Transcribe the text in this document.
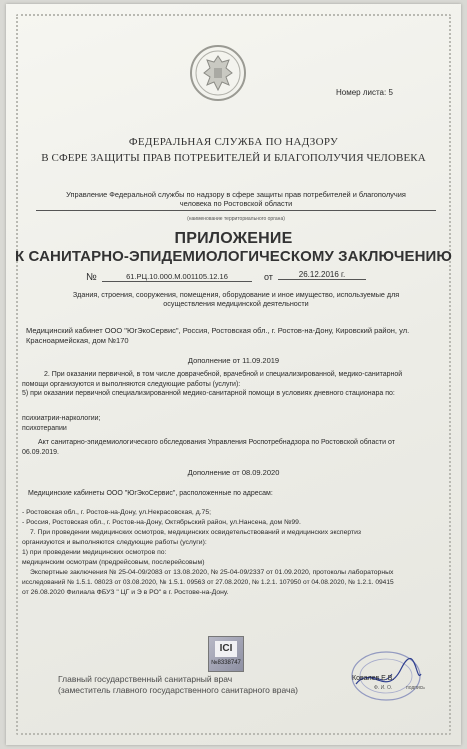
Номер листа: 5
ФЕДЕРАЛЬНАЯ СЛУЖБА ПО НАДЗОРУ
В СФЕРЕ ЗАЩИТЫ ПРАВ ПОТРЕБИТЕЛЕЙ И БЛАГОПОЛУЧИЯ ЧЕЛОВЕКА
Управление Федеральной службы по надзору в сфере защиты прав потребителей и благополучия
человека по Ростовской области
(наименование территориального органа)
ПРИЛОЖЕНИЕ
К САНИТАРНО-ЭПИДЕМИОЛОГИЧЕСКОМУ ЗАКЛЮЧЕНИЮ
№	61.РЦ.10.000.М.001105.12.16	от	26.12.2016 г.
Здания, строения, сооружения, помещения, оборудование и иное имущество, используемые для
осуществления медицинской деятельности
Медицинский кабинет ООО "ЮгЭкоСервис", Россия, Ростовская обл., г. Ростов-на-Дону, Кировский район, ул.
Красноармейская, дом №170
Дополнение от 11.09.2019
2. При оказании первичной, в том числе доврачебной, врачебной и специализированной, медико-санитарной
помощи организуются и выполняются следующие работы (услуги):
5) при оказании первичной специализированной медико-санитарной помощи в условиях дневного стационара по:
психиатрии-наркологии;
психотерапии
Акт санитарно-эпидемиологического обследования Управления Роспотребнадзора по Ростовской области от
06.09.2019.
Дополнение от 08.09.2020
Медицинские кабинеты ООО "ЮгЭкоСервис", расположенные по адресам:
- Ростовская обл., г. Ростов-на-Дону, ул.Некрасовская, д.75;
- Россия, Ростовская обл., г. Ростов-на-Дону, Октябрьский район, ул.Нансена, дом №99.
7. При проведении медицинских осмотров, медицинских освидетельствований и медицинских экспертиз
организуются и выполняются следующие работы (услуги):
1) при проведении медицинских осмотров по:
медицинским осмотрам (предрейсовым, послерейсовым)
Экспертные заключения № 25-04-09/2083 от 13.08.2020, № 25-04-09/2337 от 01.09.2020, протоколы лабораторных
исследований № 1.5.1. 08023 от 03.08.2020, № 1.5.1. 09563 от 27.08.2020, № 1.2.1. 107950 от 04.08.2020, № 1.2.1. 09415
от 26.08.2020 Филиала ФБУЗ " ЦГ и Э в РО" в г. Ростове-на-Дону.
ICI
№8338747
Главный государственный санитарный врач
(заместитель главного государственного санитарного врача)
Ковалев Е.В.
Ф. И. О.	подпись
